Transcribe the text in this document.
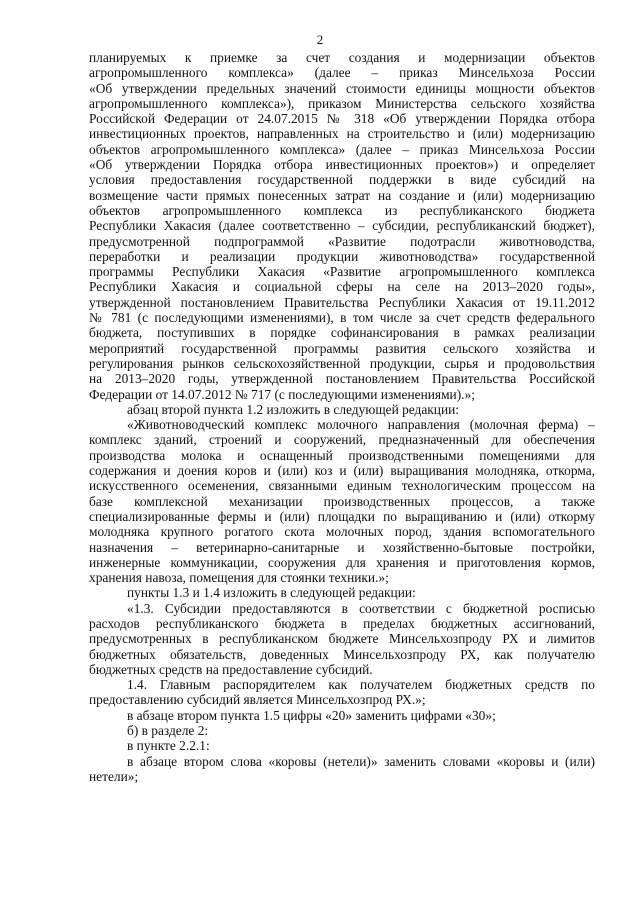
2
планируемых к приемке за счет создания и модернизации объектов
агропромышленного комплекса» (далее – приказ Минсельхоза России
«Об утверждении предельных значений стоимости единицы мощности объектов
агропромышленного комплекса»), приказом Министерства сельского хозяйства
Российской Федерации от 24.07.2015 № 318 «Об утверждении Порядка отбора
инвестиционных проектов, направленных на строительство и (или) модернизацию
объектов агропромышленного комплекса» (далее – приказ Минсельхоза России
«Об утверждении Порядка отбора инвестиционных проектов») и определяет
условия предоставления государственной поддержки в виде субсидий на
возмещение части прямых понесенных затрат на создание и (или) модернизацию
объектов агропромышленного комплекса из республиканского бюджета
Республики Хакасия (далее соответственно – субсидии, республиканский бюджет),
предусмотренной подпрограммой «Развитие подотрасли животноводства,
переработки и реализации продукции животноводства» государственной
программы Республики Хакасия «Развитие агропромышленного комплекса
Республики Хакасия и социальной сферы на селе на 2013–2020 годы»,
утвержденной постановлением Правительства Республики Хакасия от 19.11.2012
№ 781 (с последующими изменениями), в том числе за счет средств федерального
бюджета, поступивших в порядке софинансирования в рамках реализации
мероприятий государственной программы развития сельского хозяйства и
регулирования рынков сельскохозяйственной продукции, сырья и продовольствия
на 2013–2020 годы, утвержденной постановлением Правительства Российской
Федерации от 14.07.2012 № 717 (с последующими изменениями).»;
абзац второй пункта 1.2 изложить в следующей редакции:
«Животноводческий комплекс молочного направления (молочная ферма) –
комплекс зданий, строений и сооружений, предназначенный для обеспечения
производства молока и оснащенный производственными помещениями для
содержания и доения коров и (или) коз и (или) выращивания молодняка, откорма,
искусственного осеменения, связанными единым технологическим процессом на
базе комплексной механизации производственных процессов, а также
специализированные фермы и (или) площадки по выращиванию и (или) откорму
молодняка крупного рогатого скота молочных пород, здания вспомогательного
назначения – ветеринарно-санитарные и хозяйственно-бытовые постройки,
инженерные коммуникации, сооружения для хранения и приготовления кормов,
хранения навоза, помещения для стоянки техники.»;
пункты 1.3 и 1.4 изложить в следующей редакции:
«1.3. Субсидии предоставляются в соответствии с бюджетной росписью
расходов республиканского бюджета в пределах бюджетных ассигнований,
предусмотренных в республиканском бюджете Минсельхозпроду РХ и лимитов
бюджетных обязательств, доведенных Минсельхозпроду РХ, как получателю
бюджетных средств на предоставление субсидий.
1.4. Главным распорядителем как получателем бюджетных средств по
предоставлению субсидий является Минсельхозпрод РХ.»;
в абзаце втором пункта 1.5 цифры «20» заменить цифрами «30»;
б) в разделе 2:
в пункте 2.2.1:
в абзаце втором слова «коровы (нетели)» заменить словами «коровы и (или)
нетели»;
